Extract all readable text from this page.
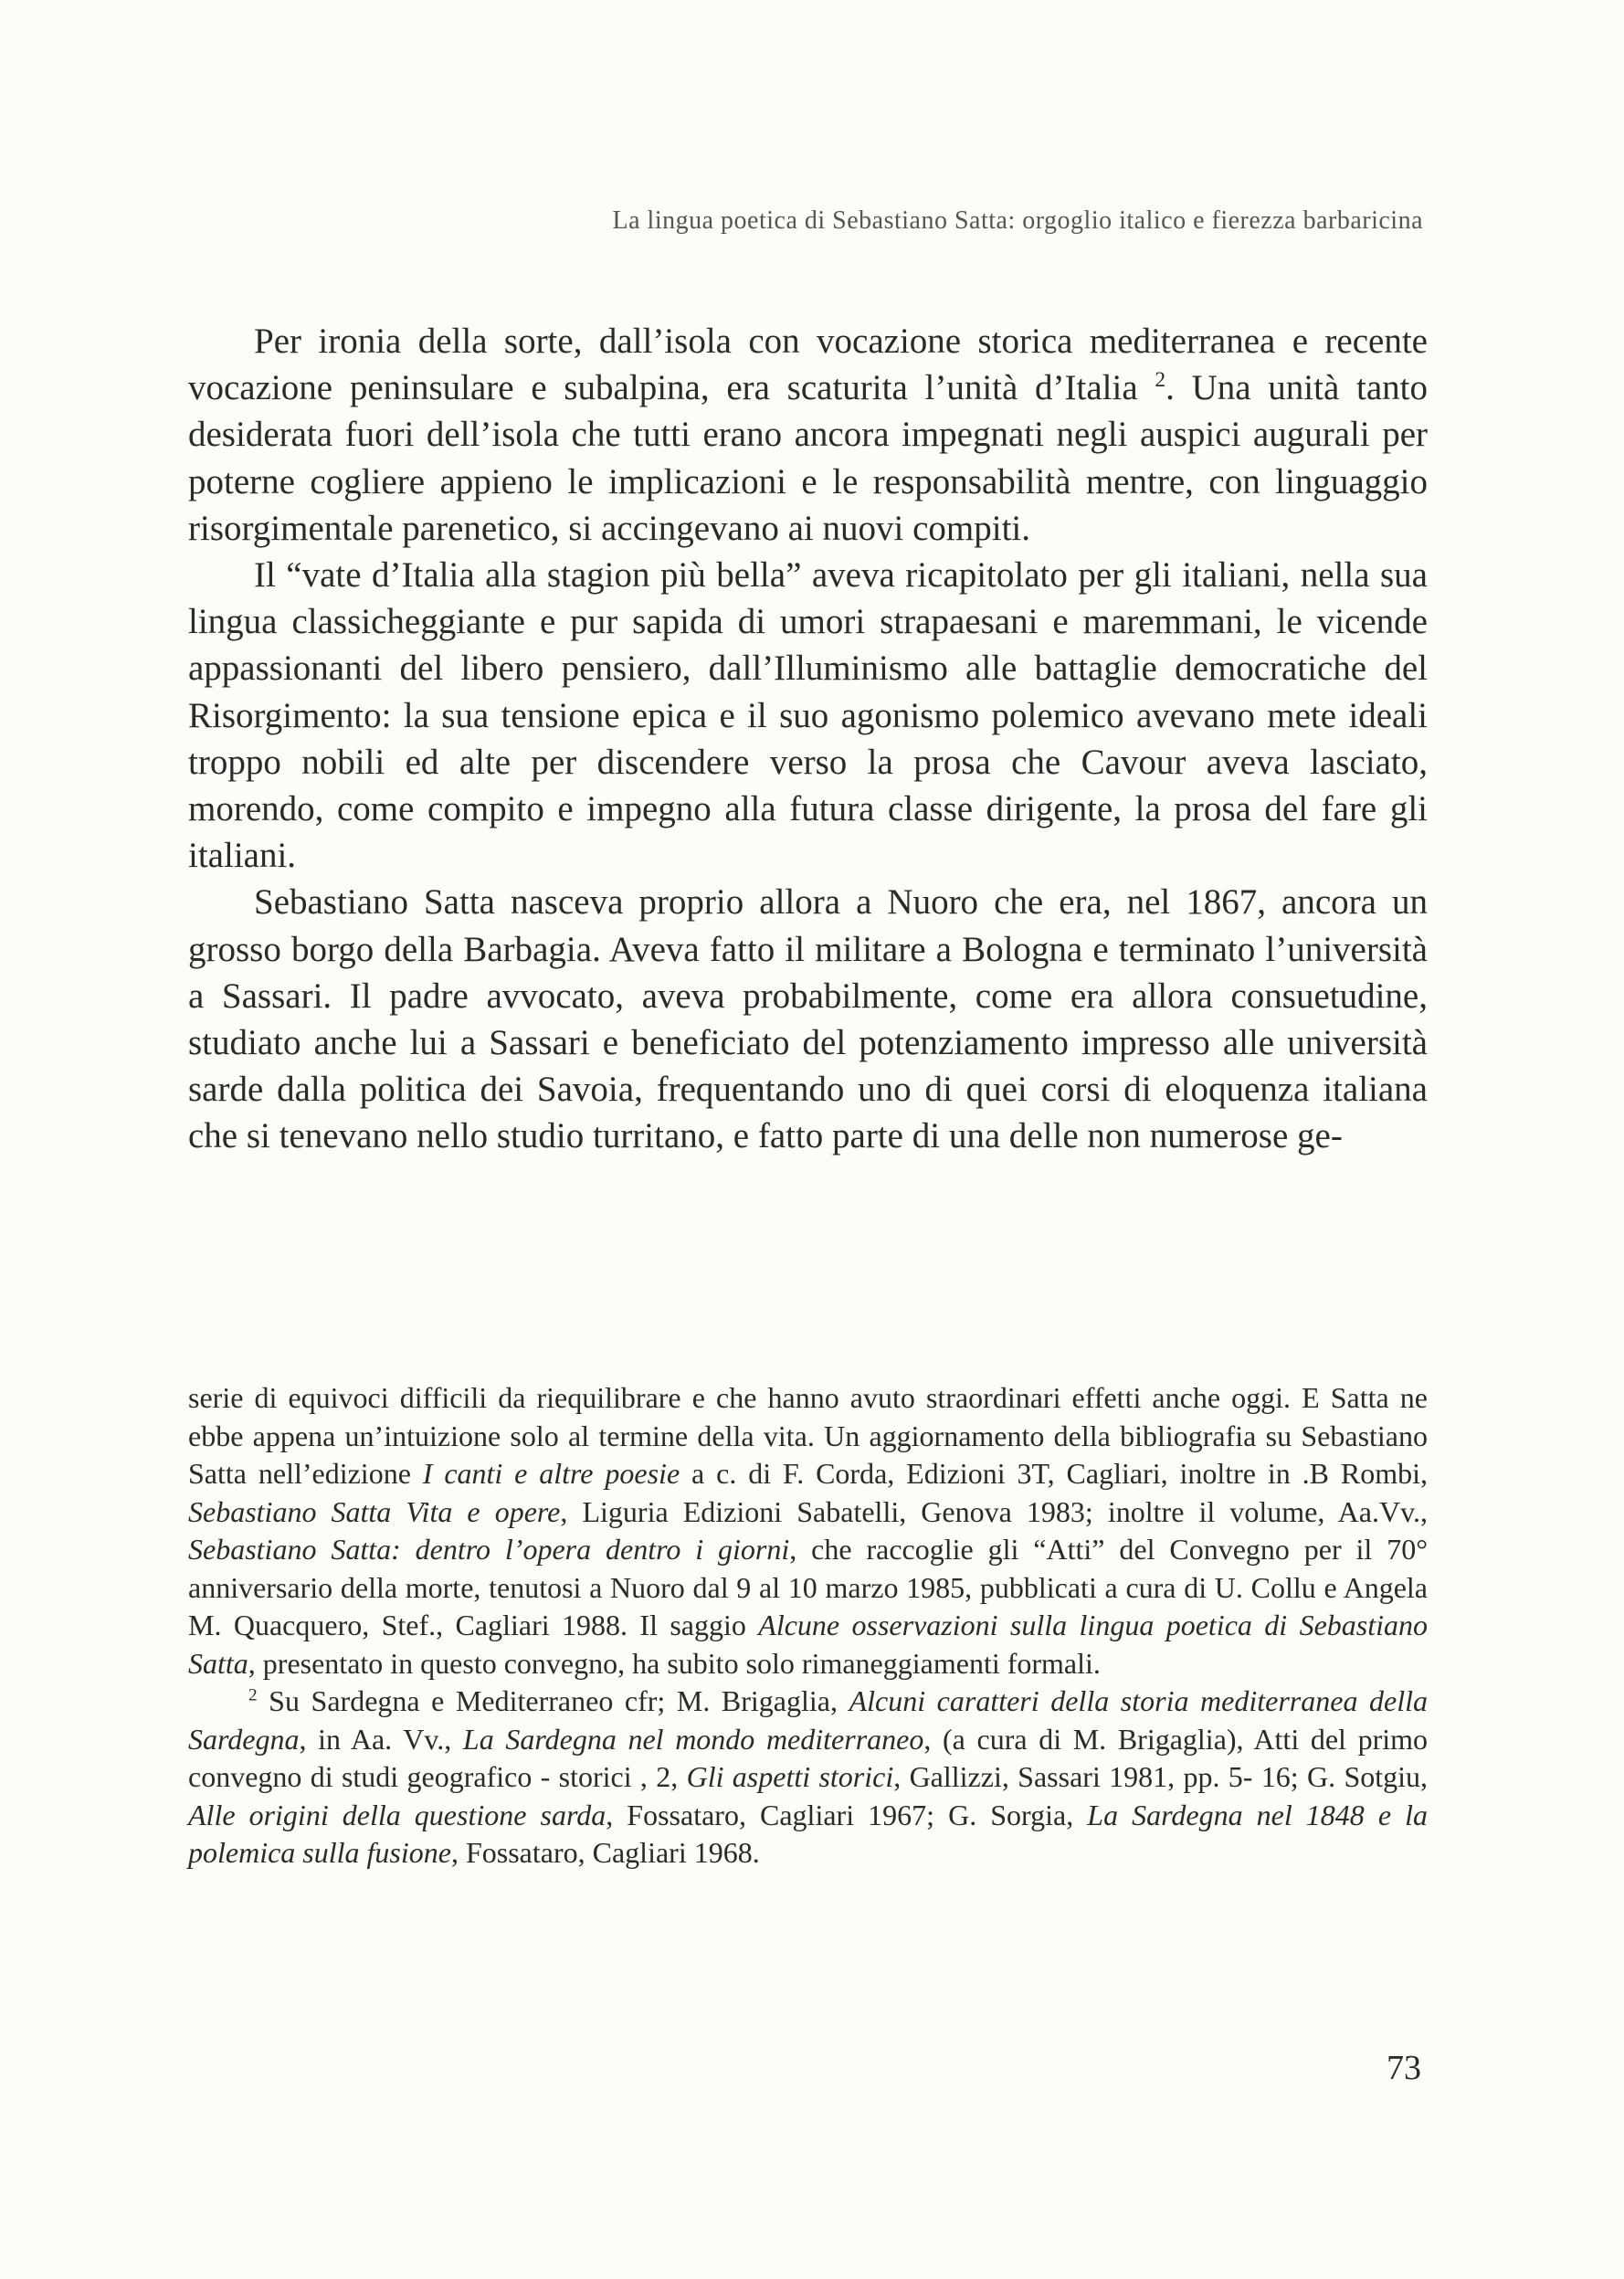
La lingua poetica di Sebastiano Satta: orgoglio italico e fierezza barbaricina

Per ironia della sorte, dall’isola con vocazione storica mediterranea e recente vocazione peninsulare e subalpina, era scaturita l’unità d’Italia $^2$. Una unità tanto desiderata fuori dell’isola che tutti erano ancora impegnati negli auspici augurali per poterne cogliere appieno le implicazioni e le responsabilità mentre, con linguaggio risorgimentale parenetico, si accingevano ai nuovi compiti.

Il “vate d’Italia alla stagion più bella” aveva ricapitolato per gli italiani, nella sua lingua classicheggiante e pur sapida di umori strapaesani e maremmani, le vicende appassionanti del libero pensiero, dall’Illuminismo alle battaglie democratiche del Risorgimento: la sua tensione epica e il suo agonismo polemico avevano mete ideali troppo nobili ed alte per discendere verso la prosa che Cavour aveva lasciato, morendo, come compito e impegno alla futura classe dirigente, la prosa del fare gli italiani.

Sebastiano Satta nasceva proprio allora a Nuoro che era, nel 1867, ancora un grosso borgo della Barbagia. Aveva fatto il militare a Bologna e terminato l’università a Sassari. Il padre avvocato, aveva probabilmente, come era allora consuetudine, studiato anche lui a Sassari e beneficiato del potenziamento impresso alle università sarde dalla politica dei Savoia, frequentando uno di quei corsi di eloquenza italiana che si tenevano nello studio turritano, e fatto parte di una delle non numerose ge-

serie di equivoci difficili da riequilibrare e che hanno avuto straordinari effetti anche oggi. E Satta ne ebbe appena un’intuizione solo al termine della vita. Un aggiornamento della bibliografia su Sebastiano Satta nell’edizione I canti e altre poesie a c. di F. Corda, Edizioni 3T, Cagliari, inoltre in .B Rombi, Sebastiano Satta Vita e opere, Liguria Edizioni Sabatelli, Genova 1983; inoltre il volume, Aa.Vv., Sebastiano Satta: dentro l’opera dentro i giorni, che raccoglie gli “Atti” del Convegno per il 70° anniversario della morte, tenutosi a Nuoro dal 9 al 10 marzo 1985, pubblicati a cura di U. Collu e Angela M. Quacquero, Stef., Cagliari 1988. Il saggio Alcune osservazioni sulla lingua poetica di Sebastiano Satta, presentato in questo convegno, ha subito solo rimaneggiamenti formali.

$^2$ Su Sardegna e Mediterraneo cfr; M. Brigaglia, Alcuni caratteri della storia mediterranea della Sardegna, in Aa. Vv., La Sardegna nel mondo mediterraneo, (a cura di M. Brigaglia), Atti del primo convegno di studi geografico - storici , 2, Gli aspetti storici, Gallizzi, Sassari 1981, pp. 5- 16; G. Sotgiu, Alle origini della questione sarda, Fossataro, Cagliari 1967; G. Sorgia, La Sardegna nel 1848 e la polemica sulla fusione, Fossataro, Cagliari 1968.

73
